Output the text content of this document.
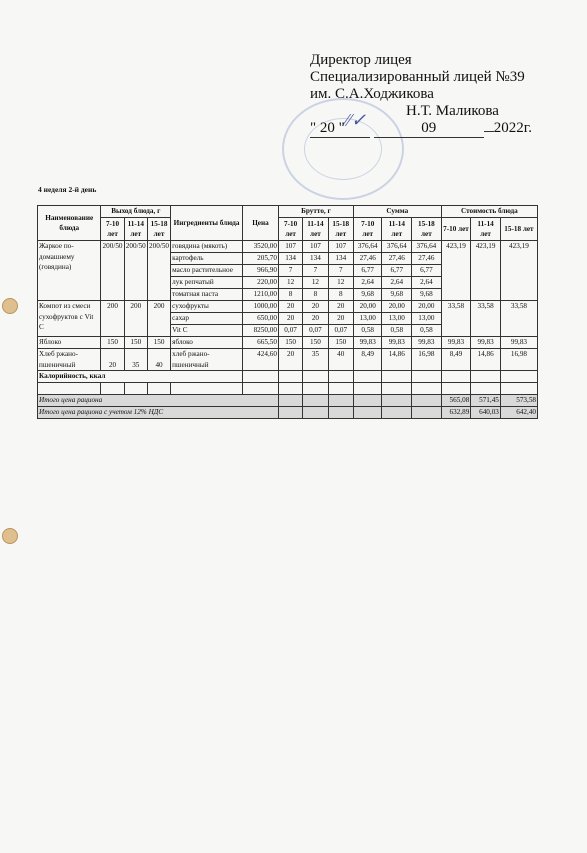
⁄⁄✓
Директор лицея
Специализированный лицей №39
им. С.А.Ходжикова
Н.Т. Маликова
" 20 "	09	2022г.
4 неделя 2-й день
Наименование блюда	Выход блюда, г			Ингредиенты блюда	Цена	Брутто, г			Сумма			Стоимость блюда		
	7-10 лет	11-14 лет	15-18 лет			7-10 лет	11-14 лет	15-18 лет	7-10 лет	11-14 лет	15-18 лет	7-10 лет	11-14 лет	15-18 лет
Жаркое по-домашнему (говядина)	200/50	200/50	200/50	говядина (мякоть)	3520,00	107	107	107	376,64	376,64	376,64	423,19	423,19	423,19
				картофель	205,70	134	134	134	27,46	27,46	27,46			
				масло растительное	966,90	7	7	7	6,77	6,77	6,77			
				лук репчатый	220,00	12	12	12	2,64	2,64	2,64			
				томатная паста	1210,00	8	8	8	9,68	9,68	9,68			
Компот из смеси сухофруктов с Vit C	200	200	200	сухофрукты	1000,00	20	20	20	20,00	20,00	20,00	33,58	33,58	33,58
				сахар	650,00	20	20	20	13,00	13,00	13,00			
				Vit C	8250,00	0,07	0,07	0,07	0,58	0,58	0,58			
Яблоко	150	150	150	яблоко	665,50	150	150	150	99,83	99,83	99,83	99,83	99,83	99,83
Хлеб ржано-пшеничный	20	35	40	хлеб ржано-пшеничный	424,60	20	35	40	8,49	14,86	16,98	8,49	14,86	16,98
Калорийность, ккал														

Итого цена рациона												565,08	571,45	573,58
Итого цена рациона с учетом 12% НДС												632,89	640,03	642,40
